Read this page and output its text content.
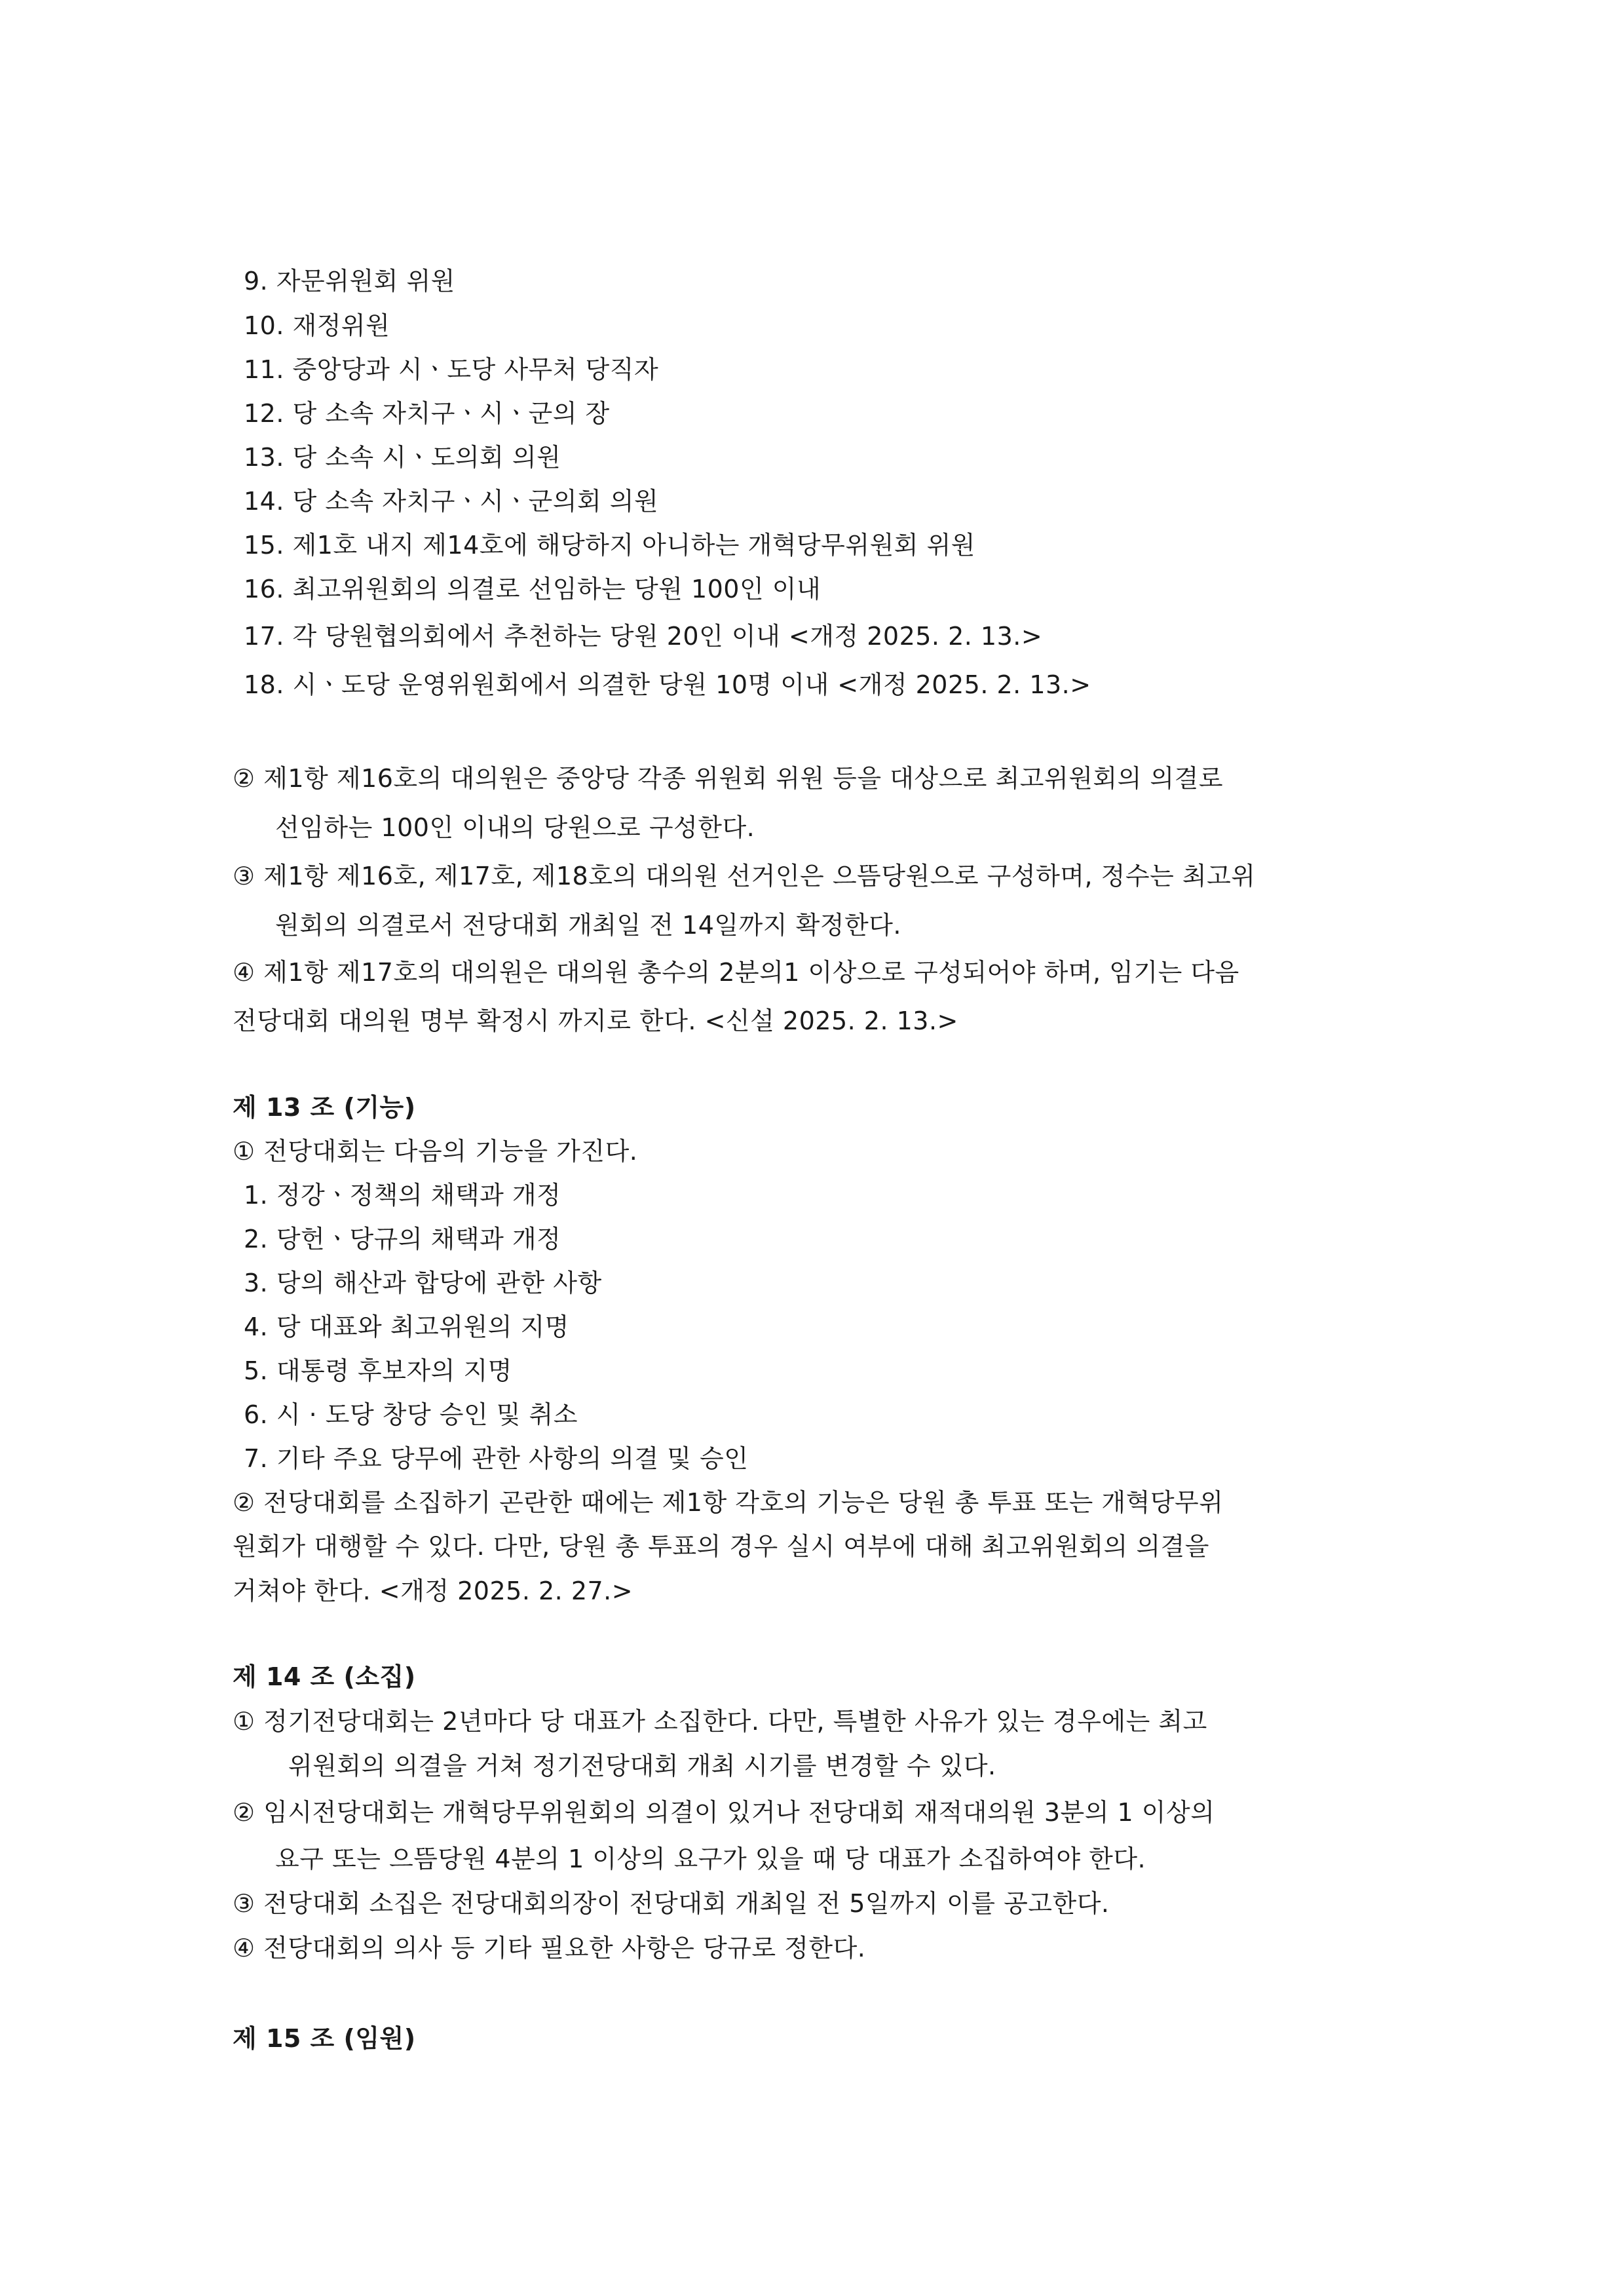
9. 자문위원회 위원
10. 재정위원
11. 중앙당과 시ㆍ도당 사무처 당직자
12. 당 소속 자치구ㆍ시ㆍ군의 장
13. 당 소속 시ㆍ도의회 의원
14. 당 소속 자치구ㆍ시ㆍ군의회 의원
15. 제1호 내지 제14호에 해당하지 아니하는 개혁당무위원회 위원
16. 최고위원회의 의결로 선임하는 당원 100인 이내
17. 각 당원협의회에서 추천하는 당원 20인 이내 <개정 2025. 2. 13.>
18. 시ㆍ도당 운영위원회에서 의결한 당원 10명 이내 <개정 2025. 2. 13.>
② 제1항 제16호의 대의원은 중앙당 각종 위원회 위원 등을 대상으로 최고위원회의 의결로
선임하는 100인 이내의 당원으로 구성한다.
③ 제1항 제16호, 제17호, 제18호의 대의원 선거인은 으뜸당원으로 구성하며, 정수는 최고위
원회의 의결로서 전당대회 개최일 전 14일까지 확정한다.
④ 제1항 제17호의 대의원은 대의원 총수의 2분의1 이상으로 구성되어야 하며, 임기는 다음
전당대회 대의원 명부 확정시 까지로 한다. <신설 2025. 2. 13.>
제 13 조 (기능)
① 전당대회는 다음의 기능을 가진다.
1. 정강ㆍ정책의 채택과 개정
2. 당헌ㆍ당규의 채택과 개정
3. 당의 해산과 합당에 관한 사항
4. 당 대표와 최고위원의 지명
5. 대통령 후보자의 지명
6. 시 · 도당 창당 승인 및 취소
7. 기타 주요 당무에 관한 사항의 의결 및 승인
② 전당대회를 소집하기 곤란한 때에는 제1항 각호의 기능은 당원 총 투표 또는 개혁당무위
원회가 대행할 수 있다. 다만, 당원 총 투표의 경우 실시 여부에 대해 최고위원회의 의결을
거쳐야 한다. <개정 2025. 2. 27.>
제 14 조 (소집)
① 정기전당대회는 2년마다 당 대표가 소집한다. 다만, 특별한 사유가 있는 경우에는 최고
위원회의 의결을 거쳐 정기전당대회 개최 시기를 변경할 수 있다.
② 임시전당대회는 개혁당무위원회의 의결이 있거나 전당대회 재적대의원 3분의 1 이상의
요구 또는 으뜸당원 4분의 1 이상의 요구가 있을 때 당 대표가 소집하여야 한다.
③ 전당대회 소집은 전당대회의장이 전당대회 개최일 전 5일까지 이를 공고한다.
④ 전당대회의 의사 등 기타 필요한 사항은 당규로 정한다.
제 15 조 (임원)
